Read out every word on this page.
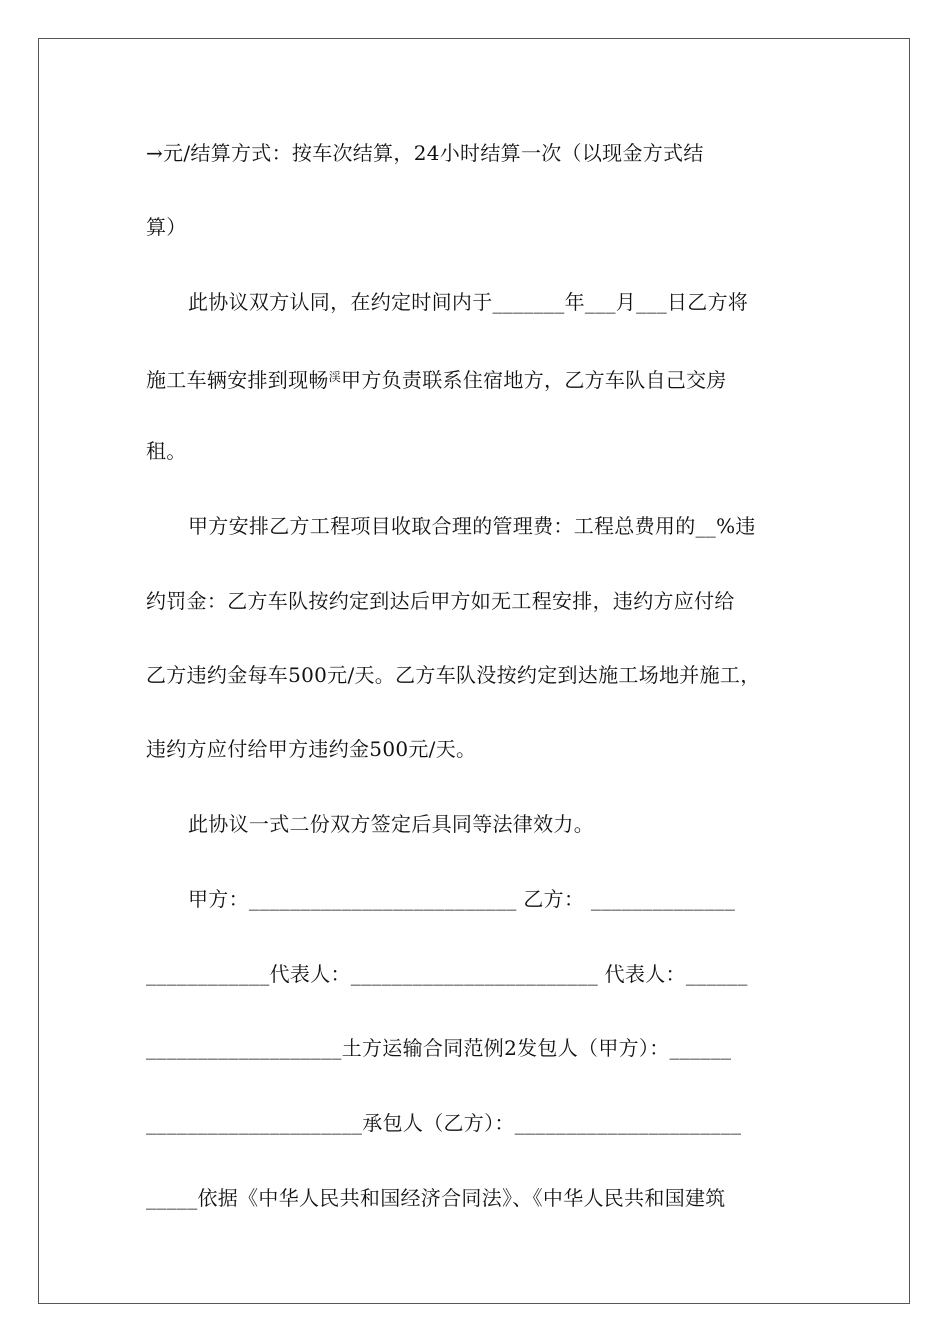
→元/结算方式：按车次结算，24小时结算一次（以现金方式结
算）
此协议双方认同，在约定时间内于_______年___月___日乙方将
施工车辆安排到现畅$^渓$甲方负责联系住宿地方，乙方车队自己交房
租。
甲方安排乙方工程项目收取合理的管理费：工程总费用的__%违
约罚金：乙方车队按约定到达后甲方如无工程安排，违约方应付给
乙方违约金每车500元/天。乙方车队没按约定到达施工场地并施工，
违约方应付给甲方违约金500元/天。
此协议一式二份双方签定后具同等法律效力。
甲方：__________________________ 乙方： ______________
____________代表人：________________________ 代表人：______
___________________土方运输合同范例2发包人（甲方）：______
_____________________承包人（乙方）：______________________
_____依据《中华人民共和国经济合同法》、《中华人民共和国建筑
